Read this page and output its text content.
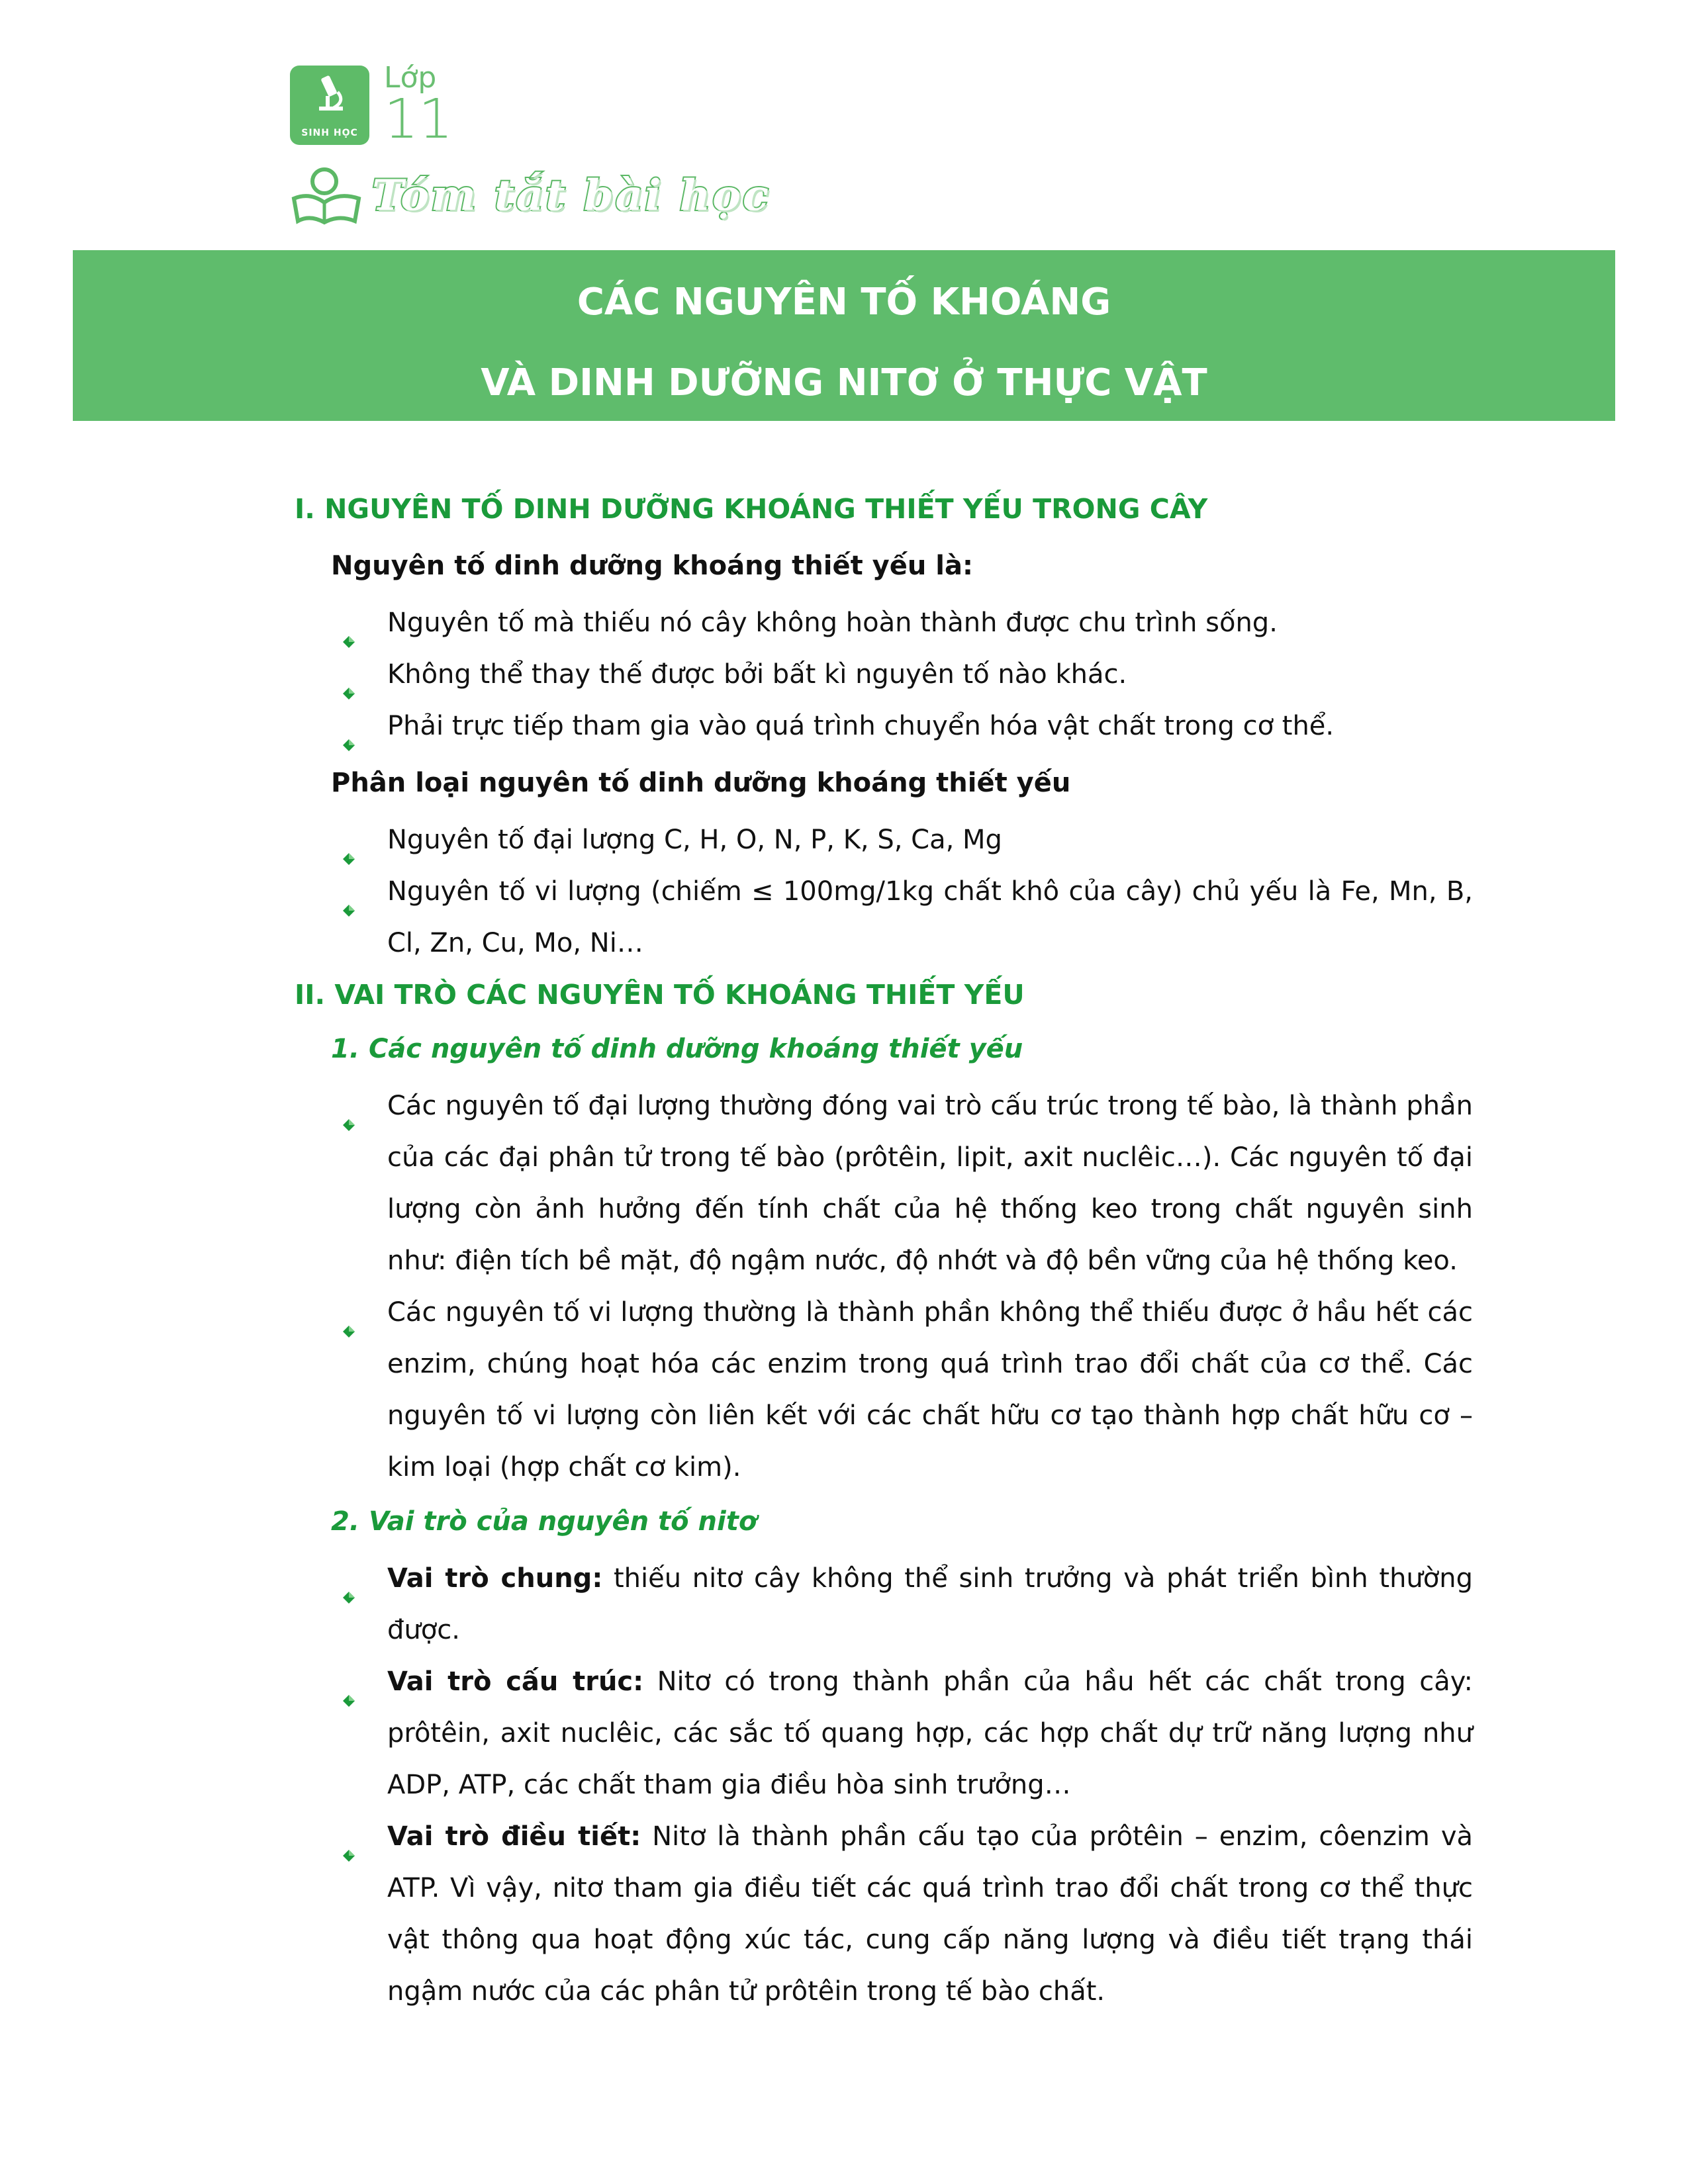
SINH HỌC
Lớp
11
Tóm tắt bài học
CÁC NGUYÊN TỐ KHOÁNG
VÀ DINH DƯỠNG NITƠ Ở THỰC VẬT
I. NGUYÊN TỐ DINH DƯỠNG KHOÁNG THIẾT YẾU TRONG CÂY
Nguyên tố dinh dưỡng khoáng thiết yếu là:
Nguyên tố mà thiếu nó cây không hoàn thành được chu trình sống.
Không thể thay thế được bởi bất kì nguyên tố nào khác.
Phải trực tiếp tham gia vào quá trình chuyển hóa vật chất trong cơ thể.
Phân loại nguyên tố dinh dưỡng khoáng thiết yếu
Nguyên tố đại lượng C, H, O, N, P, K, S, Ca, Mg
Nguyên tố vi lượng (chiếm ≤ 100mg/1kg chất khô của cây) chủ yếu là Fe, Mn, B, Cl, Zn, Cu, Mo, Ni…
II. VAI TRÒ CÁC NGUYÊN TỐ KHOÁNG THIẾT YẾU
1. Các nguyên tố dinh dưỡng khoáng thiết yếu
Các nguyên tố đại lượng thường đóng vai trò cấu trúc trong tế bào, là thành phần của các đại phân tử trong tế bào (prôtêin, lipit, axit nuclêic…). Các nguyên tố đại lượng còn ảnh hưởng đến tính chất của hệ thống keo trong chất nguyên sinh như: điện tích bề mặt, độ ngậm nước, độ nhớt và độ bền vững của hệ thống keo.
Các nguyên tố vi lượng thường là thành phần không thể thiếu được ở hầu hết các enzim, chúng hoạt hóa các enzim trong quá trình trao đổi chất của cơ thể. Các nguyên tố vi lượng còn liên kết với các chất hữu cơ tạo thành hợp chất hữu cơ – kim loại (hợp chất cơ kim).
2. Vai trò của nguyên tố nitơ
Vai trò chung: thiếu nitơ cây không thể sinh trưởng và phát triển bình thường được.
Vai trò cấu trúc: Nitơ có trong thành phần của hầu hết các chất trong cây: prôtêin, axit nuclêic, các sắc tố quang hợp, các hợp chất dự trữ năng lượng như ADP, ATP, các chất tham gia điều hòa sinh trưởng…
Vai trò điều tiết: Nitơ là thành phần cấu tạo của prôtêin – enzim, côenzim và ATP. Vì vậy, nitơ tham gia điều tiết các quá trình trao đổi chất trong cơ thể thực vật thông qua hoạt động xúc tác, cung cấp năng lượng và điều tiết trạng thái ngậm nước của các phân tử prôtêin trong tế bào chất.
